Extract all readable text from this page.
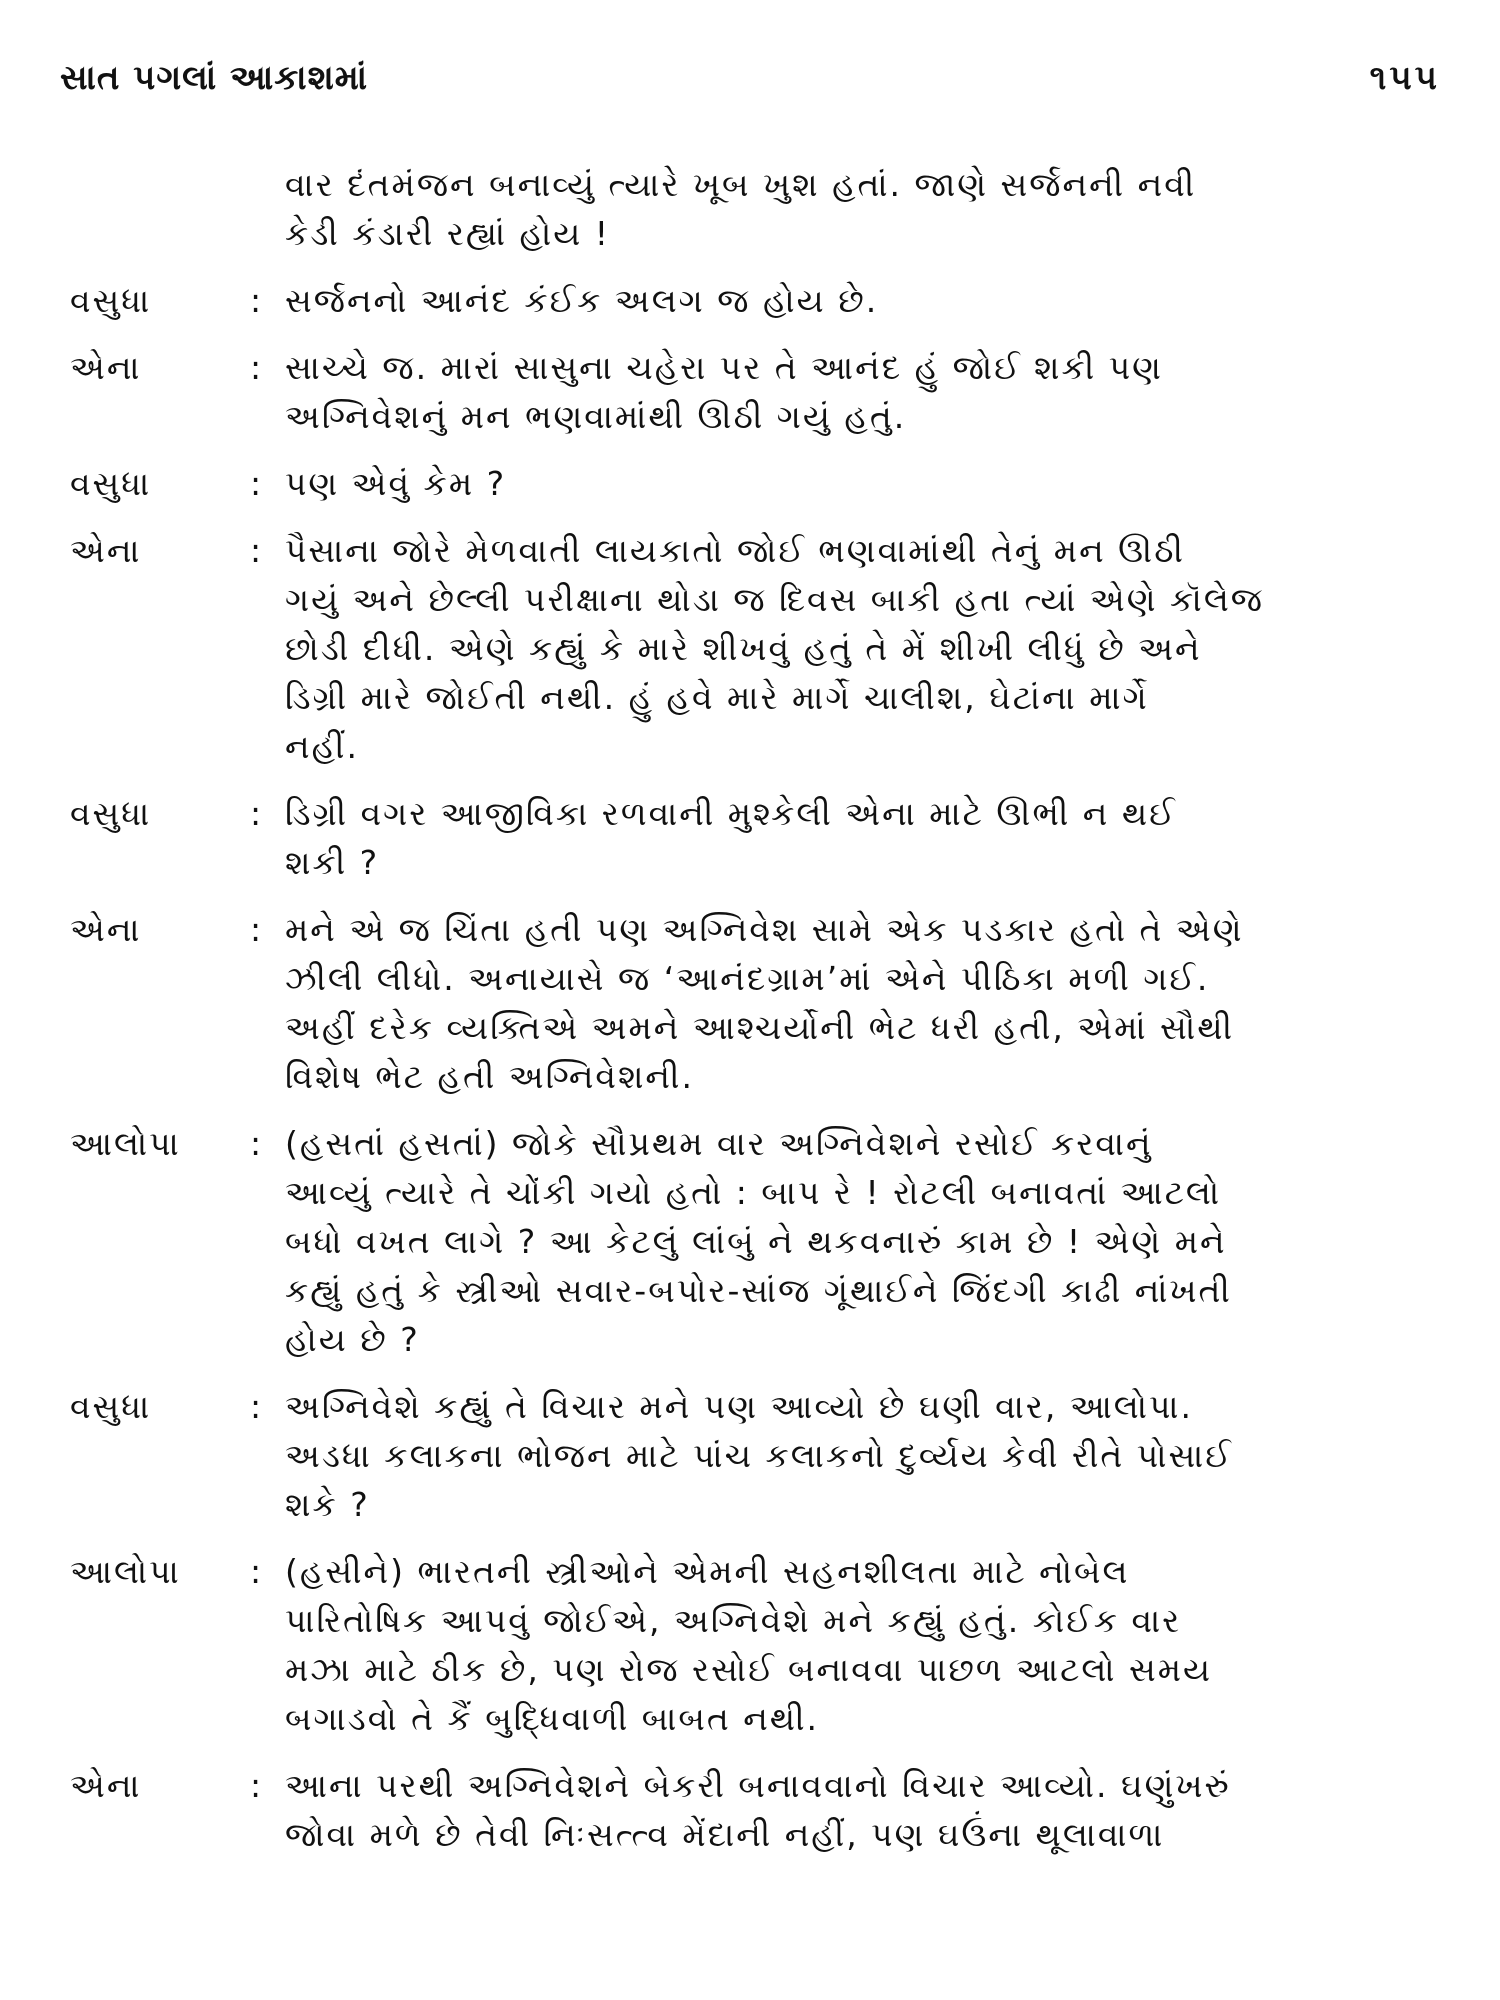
સાત પગલાં આકાશમાં	૧૫૫
વાર દંતમંજન બનાવ્યું ત્યારે ખૂબ ખુશ હતાં. જાણે સર્જનની નવી
કેડી કંડારી રહ્યાં હોય !
વસુધા	: સર્જનનો આનંદ કંઈક અલગ જ હોય છે.
એના	: સાચ્ચે જ. મારાં સાસુના ચહેરા પર તે આનંદ હું જોઈ શકી પણ
અગ્નિવેશનું મન ભણવામાંથી ઊઠી ગયું હતું.
વસુધા	: પણ એવું કેમ ?
એના	: પૈસાના જોરે મેળવાતી લાયકાતો જોઈ ભણવામાંથી તેનું મન ઊઠી
ગયું અને છેલ્લી પરીક્ષાના થોડા જ દિવસ બાકી હતા ત્યાં એણે કૉલેજ
છોડી દીધી. એણે કહ્યું કે મારે શીખવું હતું તે મેં શીખી લીધું છે અને
ડિગ્રી મારે જોઈતી નથી. હું હવે મારે માર્ગે ચાલીશ, ઘેટાંના માર્ગે
નહીં.
વસુધા	: ડિગ્રી વગર આજીવિકા રળવાની મુશ્કેલી એના માટે ઊભી ન થઈ
શકી ?
એના	: મને એ જ ચિંતા હતી પણ અગ્નિવેશ સામે એક પડકાર હતો તે એણે
ઝીલી લીધો. અનાયાસે જ ‘આનંદગ્રામ’માં એને પીઠિકા મળી ગઈ.
અહીં દરેક વ્યક્તિએ અમને આશ્ચર્યોની ભેટ ધરી હતી, એમાં સૌથી
વિશેષ ભેટ હતી અગ્નિવેશની.
આલોપા : (હસતાં હસતાં) જોકે સૌપ્રથમ વાર અગ્નિવેશને રસોઈ કરવાનું
આવ્યું ત્યારે તે ચોંકી ગયો હતો : બાપ રે ! રોટલી બનાવતાં આટલો
બધો વખત લાગે ? આ કેટલું લાંબું ને થકવનારું કામ છે ! એણે મને
કહ્યું હતું કે સ્ત્રીઓ સવાર-બપોર-સાંજ ગૂંથાઈને જિંદગી કાઢી નાંખતી
હોય છે ?
વસુધા	: અગ્નિવેશે કહ્યું તે વિચાર મને પણ આવ્યો છે ઘણી વાર, આલોપા.
અડધા કલાકના ભોજન માટે પાંચ કલાકનો દુર્વ્યય કેવી રીતે પોસાઈ
શકે ?
આલોપા : (હસીને) ભારતની સ્ત્રીઓને એમની સહનશીલતા માટે નોબેલ
પારિતોષિક આપવું જોઈએ, અગ્નિવેશે મને કહ્યું હતું. કોઈક વાર
મઝા માટે ઠીક છે, પણ રોજ રસોઈ બનાવવા પાછળ આટલો સમય
બગાડવો તે કૈં બુદ્ધિવાળી બાબત નથી.
એના	: આના પરથી અગ્નિવેશને બેકરી બનાવવાનો વિચાર આવ્યો. ઘણુંખરું
જોવા મળે છે તેવી નિઃસત્ત્વ મેંદાની નહીં, પણ ઘઉંના થૂલાવાળા
